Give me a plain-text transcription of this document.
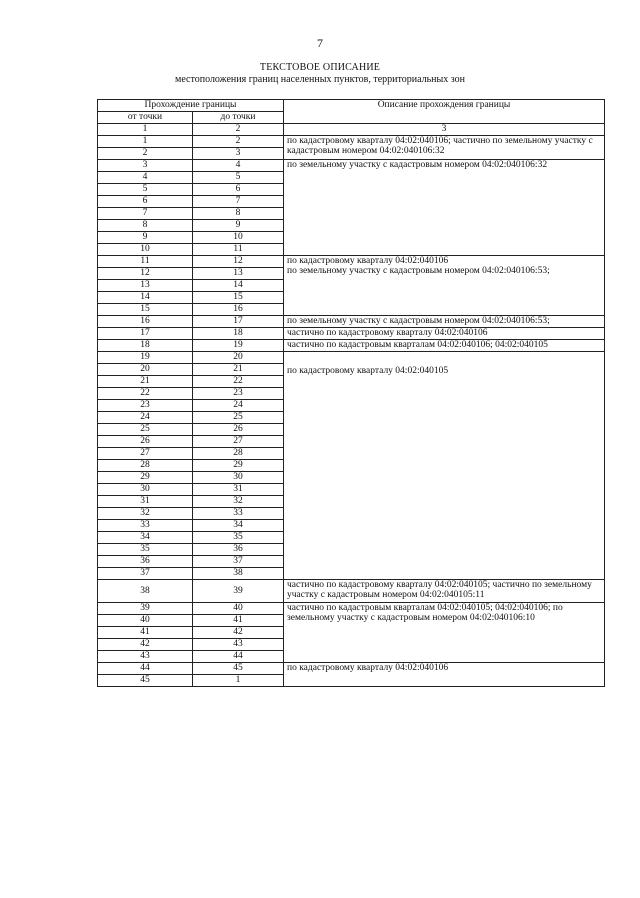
7
ТЕКСТОВОЕ ОПИСАНИЕ
местоположения границ населенных пунктов, территориальных зон
Прохождение границы		Описание прохождения границы
от точки	до точки	
1	2	3
1	2	по кадастровому кварталу 04:02:040106; частично по земельному участку с кадастровым номером 04:02:040106:32

2	3	
3	4	по земельному участку с кадастровым номером 04:02:040106:32

4	5	
5	6	
6	7	
7	8	
8	9	
9	10	
10	11	
11	12	по кадастровому кварталу 04:02:040106
по земельному участку с кадастровым номером 04:02:040106:53;

12	13	
13	14	
14	15	
15	16	
16	17	по земельному участку с кадастровым номером 04:02:040106:53;

17	18	частично по кадастровому кварталу 04:02:040106

18	19	частично по кадастровым кварталам 04:02:040106; 04:02:040105

19	20	по кадастровому кварталу 04:02:040105

20	21	
21	22	
22	23	
23	24	
24	25	
25	26	
26	27	
27	28	
28	29	
29	30	
30	31	
31	32	
32	33	
33	34	
34	35	
35	36	
36	37	
37	38	
38	39	частично по кадастровому кварталу 04:02:040105; частично по земельному участку с кадастровым номером 04:02:040105:11

39	40	частично по кадастровым кварталам 04:02:040105; 04:02:040106; по земельному участку с кадастровым номером 04:02:040106:10

40	41	
41	42	
42	43	
43	44	
44	45	по кадастровому кварталу 04:02:040106

45	1	
